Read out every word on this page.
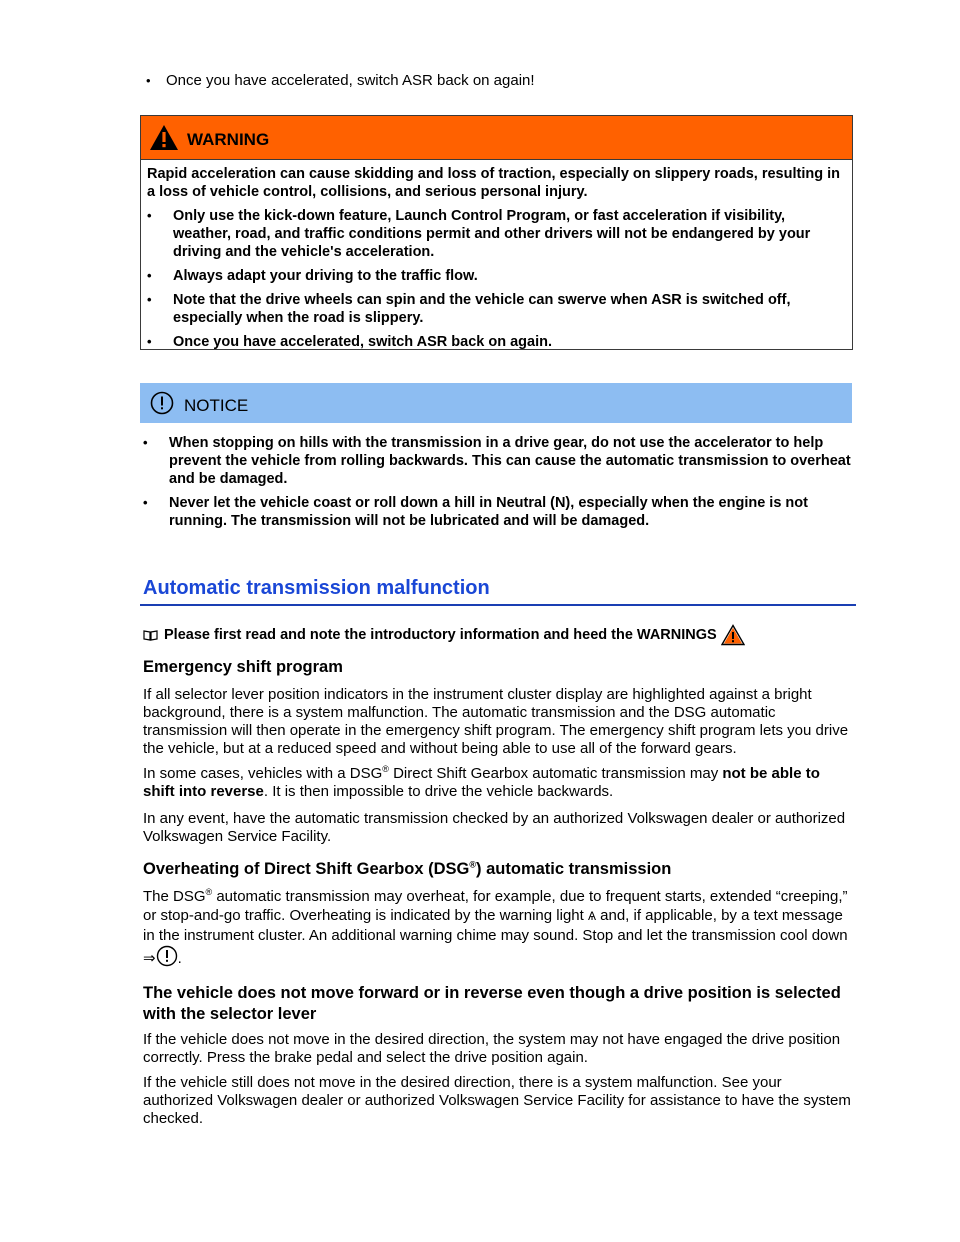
•	Once you have accelerated, switch ASR back on again!
WARNING

Rapid acceleration can cause skidding and loss of traction, especially on slippery roads, resulting in a loss of vehicle control, collisions, and serious personal injury.

•	Only use the kick-down feature, Launch Control Program, or fast acceleration if visibility, weather, road, and traffic conditions permit and other drivers will not be endangered by your driving and the vehicle's acceleration.

•	Always adapt your driving to the traffic flow.

•	Note that the drive wheels can spin and the vehicle can swerve when ASR is switched off, especially when the road is slippery.

•	Once you have accelerated, switch ASR back on again.

NOTICE

•	When stopping on hills with the transmission in a drive gear, do not use the accelerator to help prevent the vehicle from rolling backwards. This can cause the automatic transmission to overheat and be damaged.

•	Never let the vehicle coast or roll down a hill in Neutral (N), especially when the engine is not running. The transmission will not be lubricated and will be damaged.

Automatic transmission malfunction
Please first read and note the introductory information and heed the WARNINGS
Emergency shift program
If all selector lever position indicators in the instrument cluster display are highlighted against a bright background, there is a system malfunction. The automatic transmission and the DSG automatic transmission will then operate in the emergency shift program. The emergency shift program lets you drive the vehicle, but at a reduced speed and without being able to use all of the forward gears.
In some cases, vehicles with a DSG® Direct Shift Gearbox automatic transmission may not be able to shift into reverse. It is then impossible to drive the vehicle backwards.
In any event, have the automatic transmission checked by an authorized Volkswagen dealer or authorized Volkswagen Service Facility.
Overheating of Direct Shift Gearbox (DSG®) automatic transmission
The DSG® automatic transmission may overheat, for example, due to frequent starts, extended “creeping,” or stop-and-go traffic. Overheating is indicated by the warning light Ѧ and, if applicable, by a text message in the instrument cluster. An additional warning chime may sound. Stop and let the transmission cool down ⇒ .
The vehicle does not move forward or in reverse even though a drive position is selected with the selector lever
If the vehicle does not move in the desired direction, the system may not have engaged the drive position correctly. Press the brake pedal and select the drive position again.
If the vehicle still does not move in the desired direction, there is a system malfunction. See your authorized Volkswagen dealer or authorized Volkswagen Service Facility for assistance to have the system checked.
